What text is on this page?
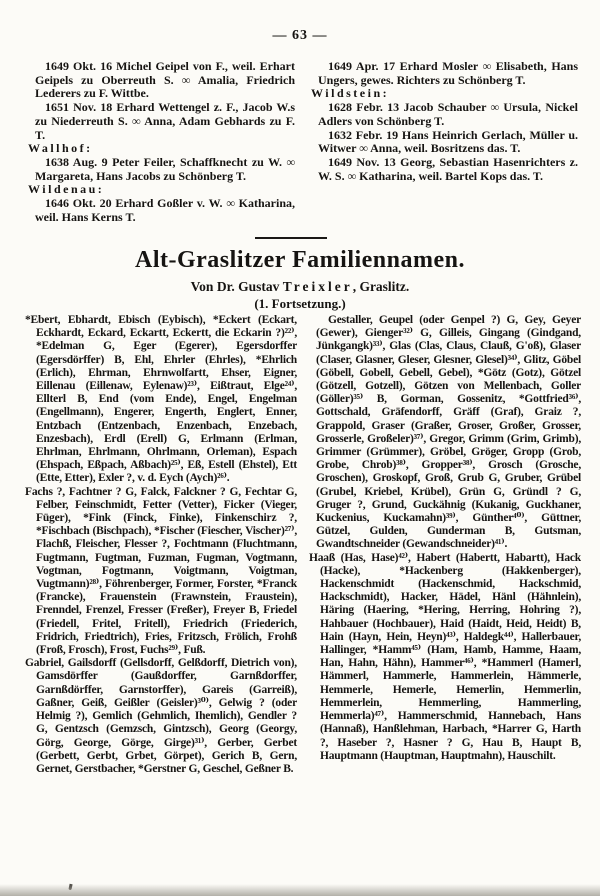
— 63 —

1649 Okt. 16 Michel Geipel von F., weil. Erhart Geipels zu Oberreuth S. ∞ Amalia, Friedrich Lederers zu F. Wittbe.

1651 Nov. 18 Erhard Wettengel z. F., Jacob W.s zu Niederreuth S. ∞ Anna, Adam Gebhards zu F. T.

Wallhof:

1638 Aug. 9 Peter Feiler, Schaffknecht zu W. ∞ Margareta, Hans Jacobs zu Schönberg T.

Wildenau:

1646 Okt. 20 Erhard Goßler v. W. ∞ Katharina, weil. Hans Kerns T.

1649 Apr. 17 Erhard Mosler ∞ Elisabeth, Hans Ungers, gewes. Richters zu Schönberg T.

Wildstein:

1628 Febr. 13 Jacob Schauber ∞ Ursula, Nickel Adlers von Schönberg T.

1632 Febr. 19 Hans Heinrich Gerlach, Müller u. Witwer ∞ Anna, weil. Bosritzens das. T.

1649 Nov. 13 Georg, Sebastian Hasenrichters z. W. S. ∞ Katharina, weil. Bartel Kops das. T.

Alt-Graslitzer Familiennamen.
Von Dr. Gustav Treixler, Graslitz.
(1. Fortsetzung.)

*Ebert, Ebhardt, Ebisch (Eybisch), *Eckert (Eckart, Eckhardt, Eckard, Eckartt, Eckertt, die Eckarin ?)²²⁾, *Edelman G, Eger (Egerer), Egersdorffer (Egersdörffer) B, Ehl, Ehrler (Ehrles), *Ehrlich (Erlich), Ehrman, Ehrnwolfartt, Ehser, Eigner, Eillenau (Eillenaw, Eylenaw)²³⁾, Eißtraut, Elge²⁴⁾, Ellterl B, End (vom Ende), Engel, Engelman (Engellmann), Engerer, Engerth, Englert, Enner, Entzbach (Entzenbach, Enzenbach, Enzebach, Enzesbach), Erdl (Erell) G, Erlmann (Erlman, Ehrlman, Ehrlmann, Ohrlmann, Orleman), Espach (Ehspach, Eßpach, Aßbach)²⁵⁾, Eß, Estell (Ehstel), Ett (Ette, Etter), Exler ?, v. d. Eych (Aych)²⁶⁾.

Fachs ?, Fachtner ? G, Falck, Falckner ? G, Fechtar G, Felber, Feinschmidt, Fetter (Vetter), Ficker (Vieger, Füger), *Fink (Finck, Finke), Finkenschirz ?, *Fischbach (Bischpach), *Fischer (Fiescher, Vischer)²⁷⁾, Flachß, Fleischer, Flesser ?, Fochtmann (Fluchtmann, Fugtmann, Fugtman, Fuzman, Fugman, Vogtmann, Vogtman, Fogtmann, Voigtmann, Voigtman, Vugtmann)²⁸⁾, Föhrenberger, Former, Forster, *Franck (Francke), Frauenstein (Frawnstein, Fraustein), Frenndel, Frenzel, Fresser (Freßer), Freyer B, Friedel (Friedell, Fritel, Fritell), Friedrich (Friederich, Fridrich, Friedtrich), Fries, Fritzsch, Frölich, Frohß (Froß, Frosch), Frost, Fuchs²⁹⁾, Fuß.

Gabriel, Gailsdorff (Gellsdorff, Gelßdorff, Dietrich von), Gamsdörffer (Gaußdorffer, Garnßdorffer, Garnßdörffer, Garnstorffer), Gareis (Garreiß), Gaßner, Geiß, Geißler (Geisler)³⁰⁾, Gelwig ? (oder Helmig ?), Gemlich (Gehmlich, Ihemlich), Gendler ? G, Gentzsch (Gemzsch, Gintzsch), Georg (Georgy, Görg, George, Görge, Girge)³¹⁾, Gerber, Gerbet (Gerbett, Gerbt, Grbet, Görpet), Gerich B, Gern, Gernet, Gerstbacher, *Gerstner G, Geschel, Geßner B.

Gestaller, Geupel (oder Genpel ?) G, Gey, Geyer (Gewer), Gienger³²⁾ G, Gilleis, Gingang (Gindgand, Jünkgangk)³³⁾, Glas (Clas, Claus, Clauß, G'oß), Glaser (Claser, Glasner, Gleser, Glesner, Glesel)³⁴⁾, Glitz, Göbel (Göbell, Gobell, Gebell, Gebel), *Götz (Gotz), Götzel (Götzell, Gotzell), Götzen von Mellenbach, Goller (Göller)³⁵⁾ B, Gorman, Gossenitz, *Gottfried³⁶⁾, Gottschald, Gräfendorff, Gräff (Graf), Graiz ?, Grappold, Graser (Graßer, Groser, Großer, Grosser, Grosserle, Großeler)³⁷⁾, Gregor, Grimm (Grim, Grimb), Grimmer (Grümmer), Gröbel, Gröger, Gropp (Grob, Grobe, Chrob)³⁸⁾, Gropper³⁸⁾, Grosch (Grosche, Groschen), Groskopf, Groß, Grub G, Gruber, Grübel (Grubel, Kriebel, Krübel), Grün G, Gründl ? G, Gruger ?, Grund, Guckähnig (Kukanig, Guckhaner, Kuckenius, Kuckamahn)³⁹⁾, Günther⁴⁰⁾, Güttner, Gützel, Gulden, Gunderman B, Gutsman, Gwandtschneider (Gewandschneider)⁴¹⁾.

Haaß (Has, Hase)⁴²⁾, Habert (Habertt, Habartt), Hack (Hacke), *Hackenberg (Hakkenberger), Hackenschmidt (Hackenschmid, Hackschmid, Hackschmidt), Hacker, Hädel, Hänl (Hähnlein), Häring (Haering, *Hering, Herring, Hohring ?), Hahbauer (Hochbauer), Haid (Haidt, Heid, Heidt) B, Hain (Hayn, Hein, Heyn)⁴³⁾, Haldegk⁴⁴⁾, Hallerbauer, Hallinger, *Hamm⁴⁵⁾ (Ham, Hamb, Hamme, Haam, Han, Hahn, Hähn), Hammer⁴⁶⁾, *Hammerl (Hamerl, Hämmerl, Hammerle, Hammerlein, Hämmerle, Hemmerle, Hemerle, Hemerlin, Hemmerlin, Hemmerlein, Hemmerling, Hammerling, Hemmerla)⁴⁷⁾, Hammerschmid, Hannebach, Hans (Hannaß), Hanßlehman, Harbach, *Harrer G, Harth ?, Haseber ?, Hasner ? G, Hau B, Haupt B, Hauptmann (Hauptman, Hauptmahn), Hauschilt.
